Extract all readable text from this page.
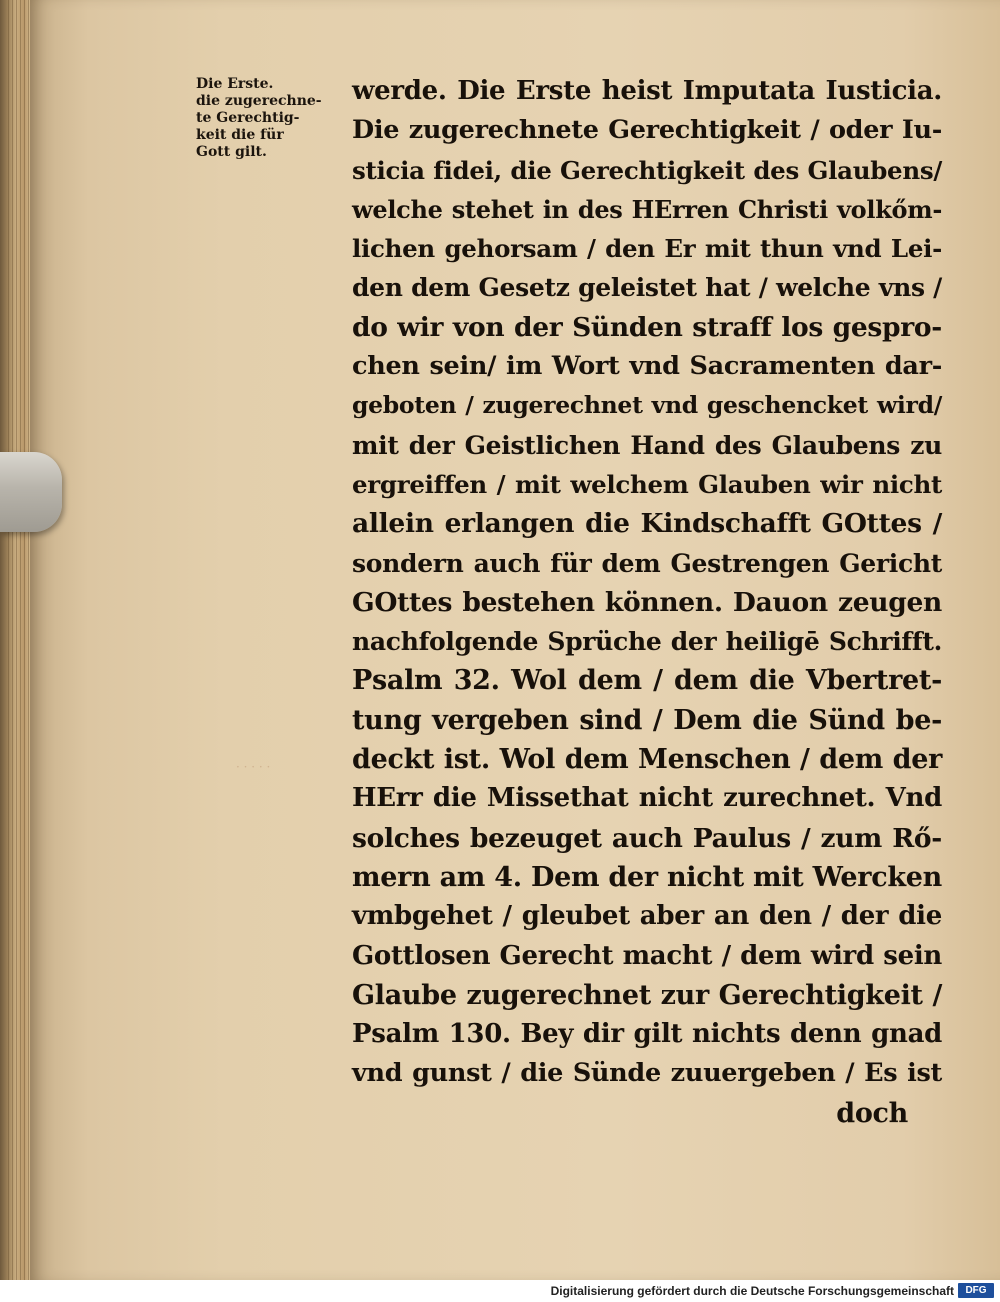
Die Erste.
die zugerechne-
te Gerechtig-
keit die für
Gott gilt.
werde. Die Erste heist Imputata Iusticia.
Die zugerechnete Gerechtigkeit / oder Iu-
sticia fidei, die Gerechtigkeit des Glaubens/
welche stehet in des HErren Christi volkőm-
lichen gehorsam / den Er mit thun vnd Lei-
den dem Gesetz geleistet hat / welche vns /
do wir von der Sünden straff los gespro-
chen sein/ im Wort vnd Sacramenten dar-
geboten / zugerechnet vnd geschencket wird/
mit der Geistlichen Hand des Glaubens zu
ergreiffen / mit welchem Glauben wir nicht
allein erlangen die Kindschafft GOttes /
sondern auch für dem Gestrengen Gericht
GOttes bestehen können. Dauon zeugen
nachfolgende Sprüche der heiligē Schrifft.
Psalm 32. Wol dem / dem die Vbertret-
tung vergeben sind / Dem die Sünd be-
deckt ist. Wol dem Menschen / dem der
HErr die Missethat nicht zurechnet. Vnd
solches bezeuget auch Paulus / zum Rő-
mern am 4. Dem der nicht mit Wercken
vmbgehet / gleubet aber an den / der die
Gottlosen Gerecht macht / dem wird sein
Glaube zugerechnet zur Gerechtigkeit /
Psalm 130. Bey dir gilt nichts denn gnad
vnd gunst / die Sünde zuuergeben / Es ist
doch
· · · · ·
Digitalisierung gefördert durch die Deutsche Forschungsgemeinschaft	DFG
